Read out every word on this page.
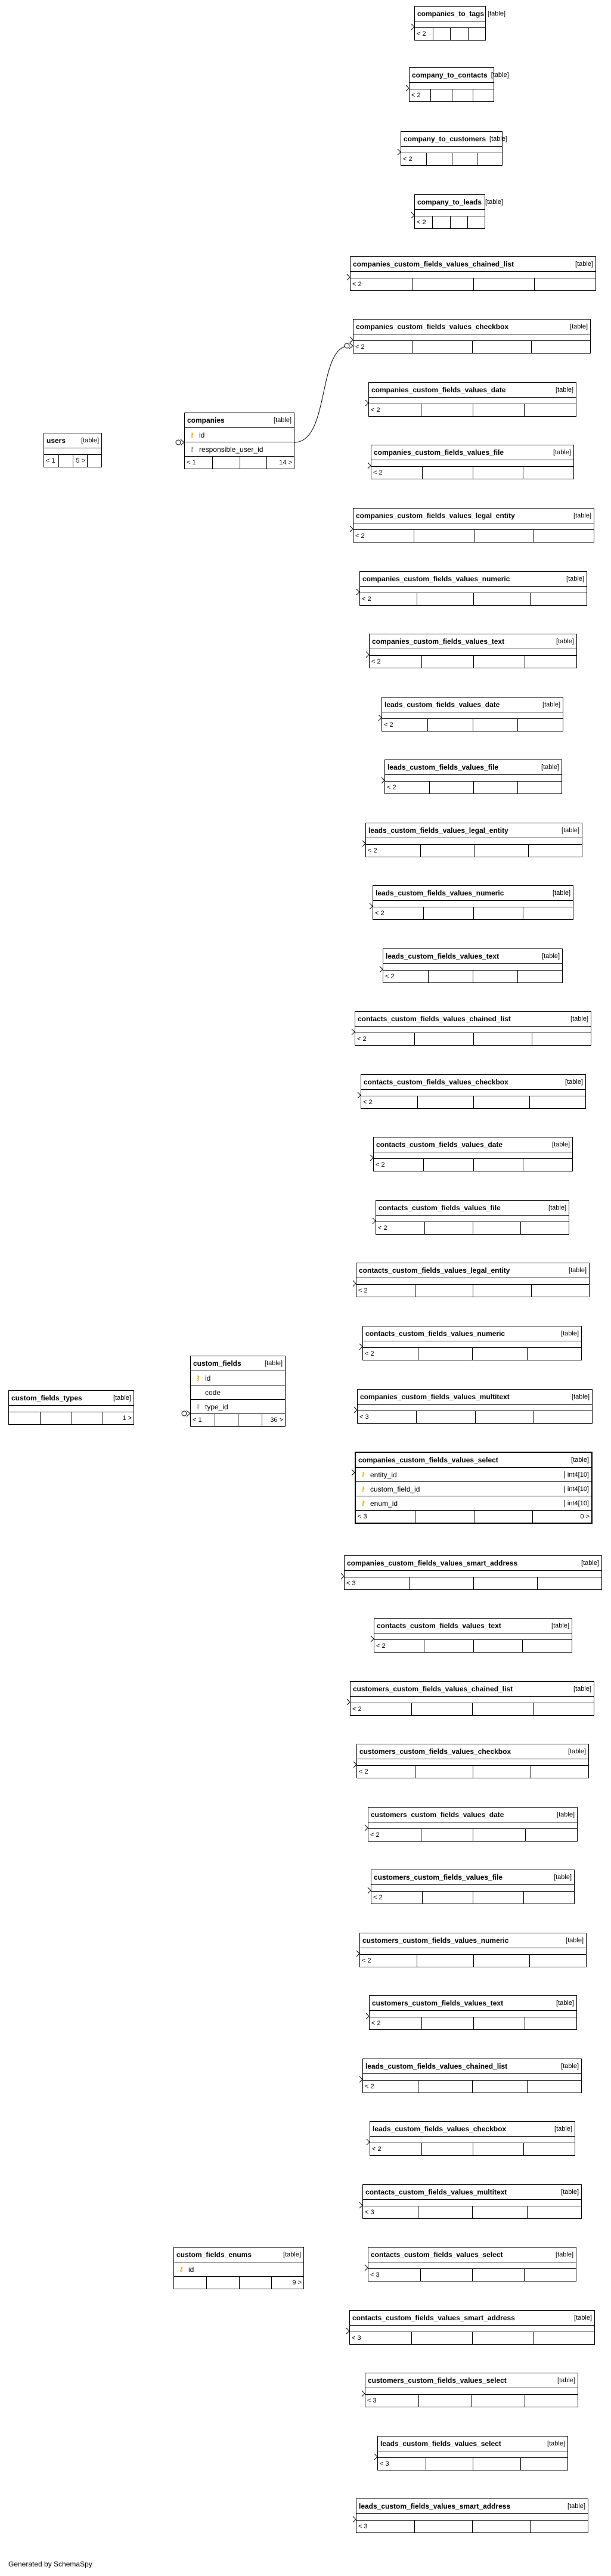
companies_to_tags [table]
< 2
company_to_contacts [table]
< 2
company_to_customers [table]
< 2
company_to_leads [table]
< 2
companies_custom_fields_values_chained_list	[table]
< 2
companies_custom_fields_values_checkbox	[table]
< 2
companies_custom_fields_values_date	[table]
< 2
companies_custom_fields_values_file	[table]
< 2
companies_custom_fields_values_legal_entity	[table]
< 2
companies_custom_fields_values_numeric	[table]
< 2
companies_custom_fields_values_text	[table]
< 2
leads_custom_fields_values_date	[table]
< 2
leads_custom_fields_values_file	[table]
< 2
leads_custom_fields_values_legal_entity	[table]
< 2
leads_custom_fields_values_numeric	[table]
< 2
leads_custom_fields_values_text	[table]
< 2
contacts_custom_fields_values_chained_list	[table]
< 2
contacts_custom_fields_values_checkbox	[table]
< 2
contacts_custom_fields_values_date	[table]
< 2
contacts_custom_fields_values_file	[table]
< 2
contacts_custom_fields_values_legal_entity	[table]
< 2
contacts_custom_fields_values_numeric	[table]
< 2
companies_custom_fields_values_multitext	[table]
< 3
companies_custom_fields_values_select	[table]
⚷ entity_id	int4[10]
⚷ custom_field_id	int4[10]
⚷ enum_id	int4[10]
< 3	0 >
companies_custom_fields_values_smart_address	[table]
< 3
contacts_custom_fields_values_text	[table]
< 2
customers_custom_fields_values_chained_list	[table]
< 2
customers_custom_fields_values_checkbox	[table]
< 2
customers_custom_fields_values_date	[table]
< 2
customers_custom_fields_values_file	[table]
< 2
customers_custom_fields_values_numeric	[table]
< 2
customers_custom_fields_values_text	[table]
< 2
leads_custom_fields_values_chained_list	[table]
< 2
leads_custom_fields_values_checkbox	[table]
< 2
contacts_custom_fields_values_multitext	[table]
< 3
contacts_custom_fields_values_select	[table]
< 3
contacts_custom_fields_values_smart_address	[table]
< 3
customers_custom_fields_values_select	[table]
< 3
leads_custom_fields_values_select	[table]
< 3
leads_custom_fields_values_smart_address	[table]
< 3
users [table]
< 1	5 >
companies	[table]
⚷ id
⚷ responsible_user_id
< 1	14 >
custom_fields_types	[table]
1 >
custom_fields	[table]
⚷ id
code
⚷ type_id
< 1	36 >
custom_fields_enums	[table]
⚷ id
9 >
Generated by SchemaSpy
